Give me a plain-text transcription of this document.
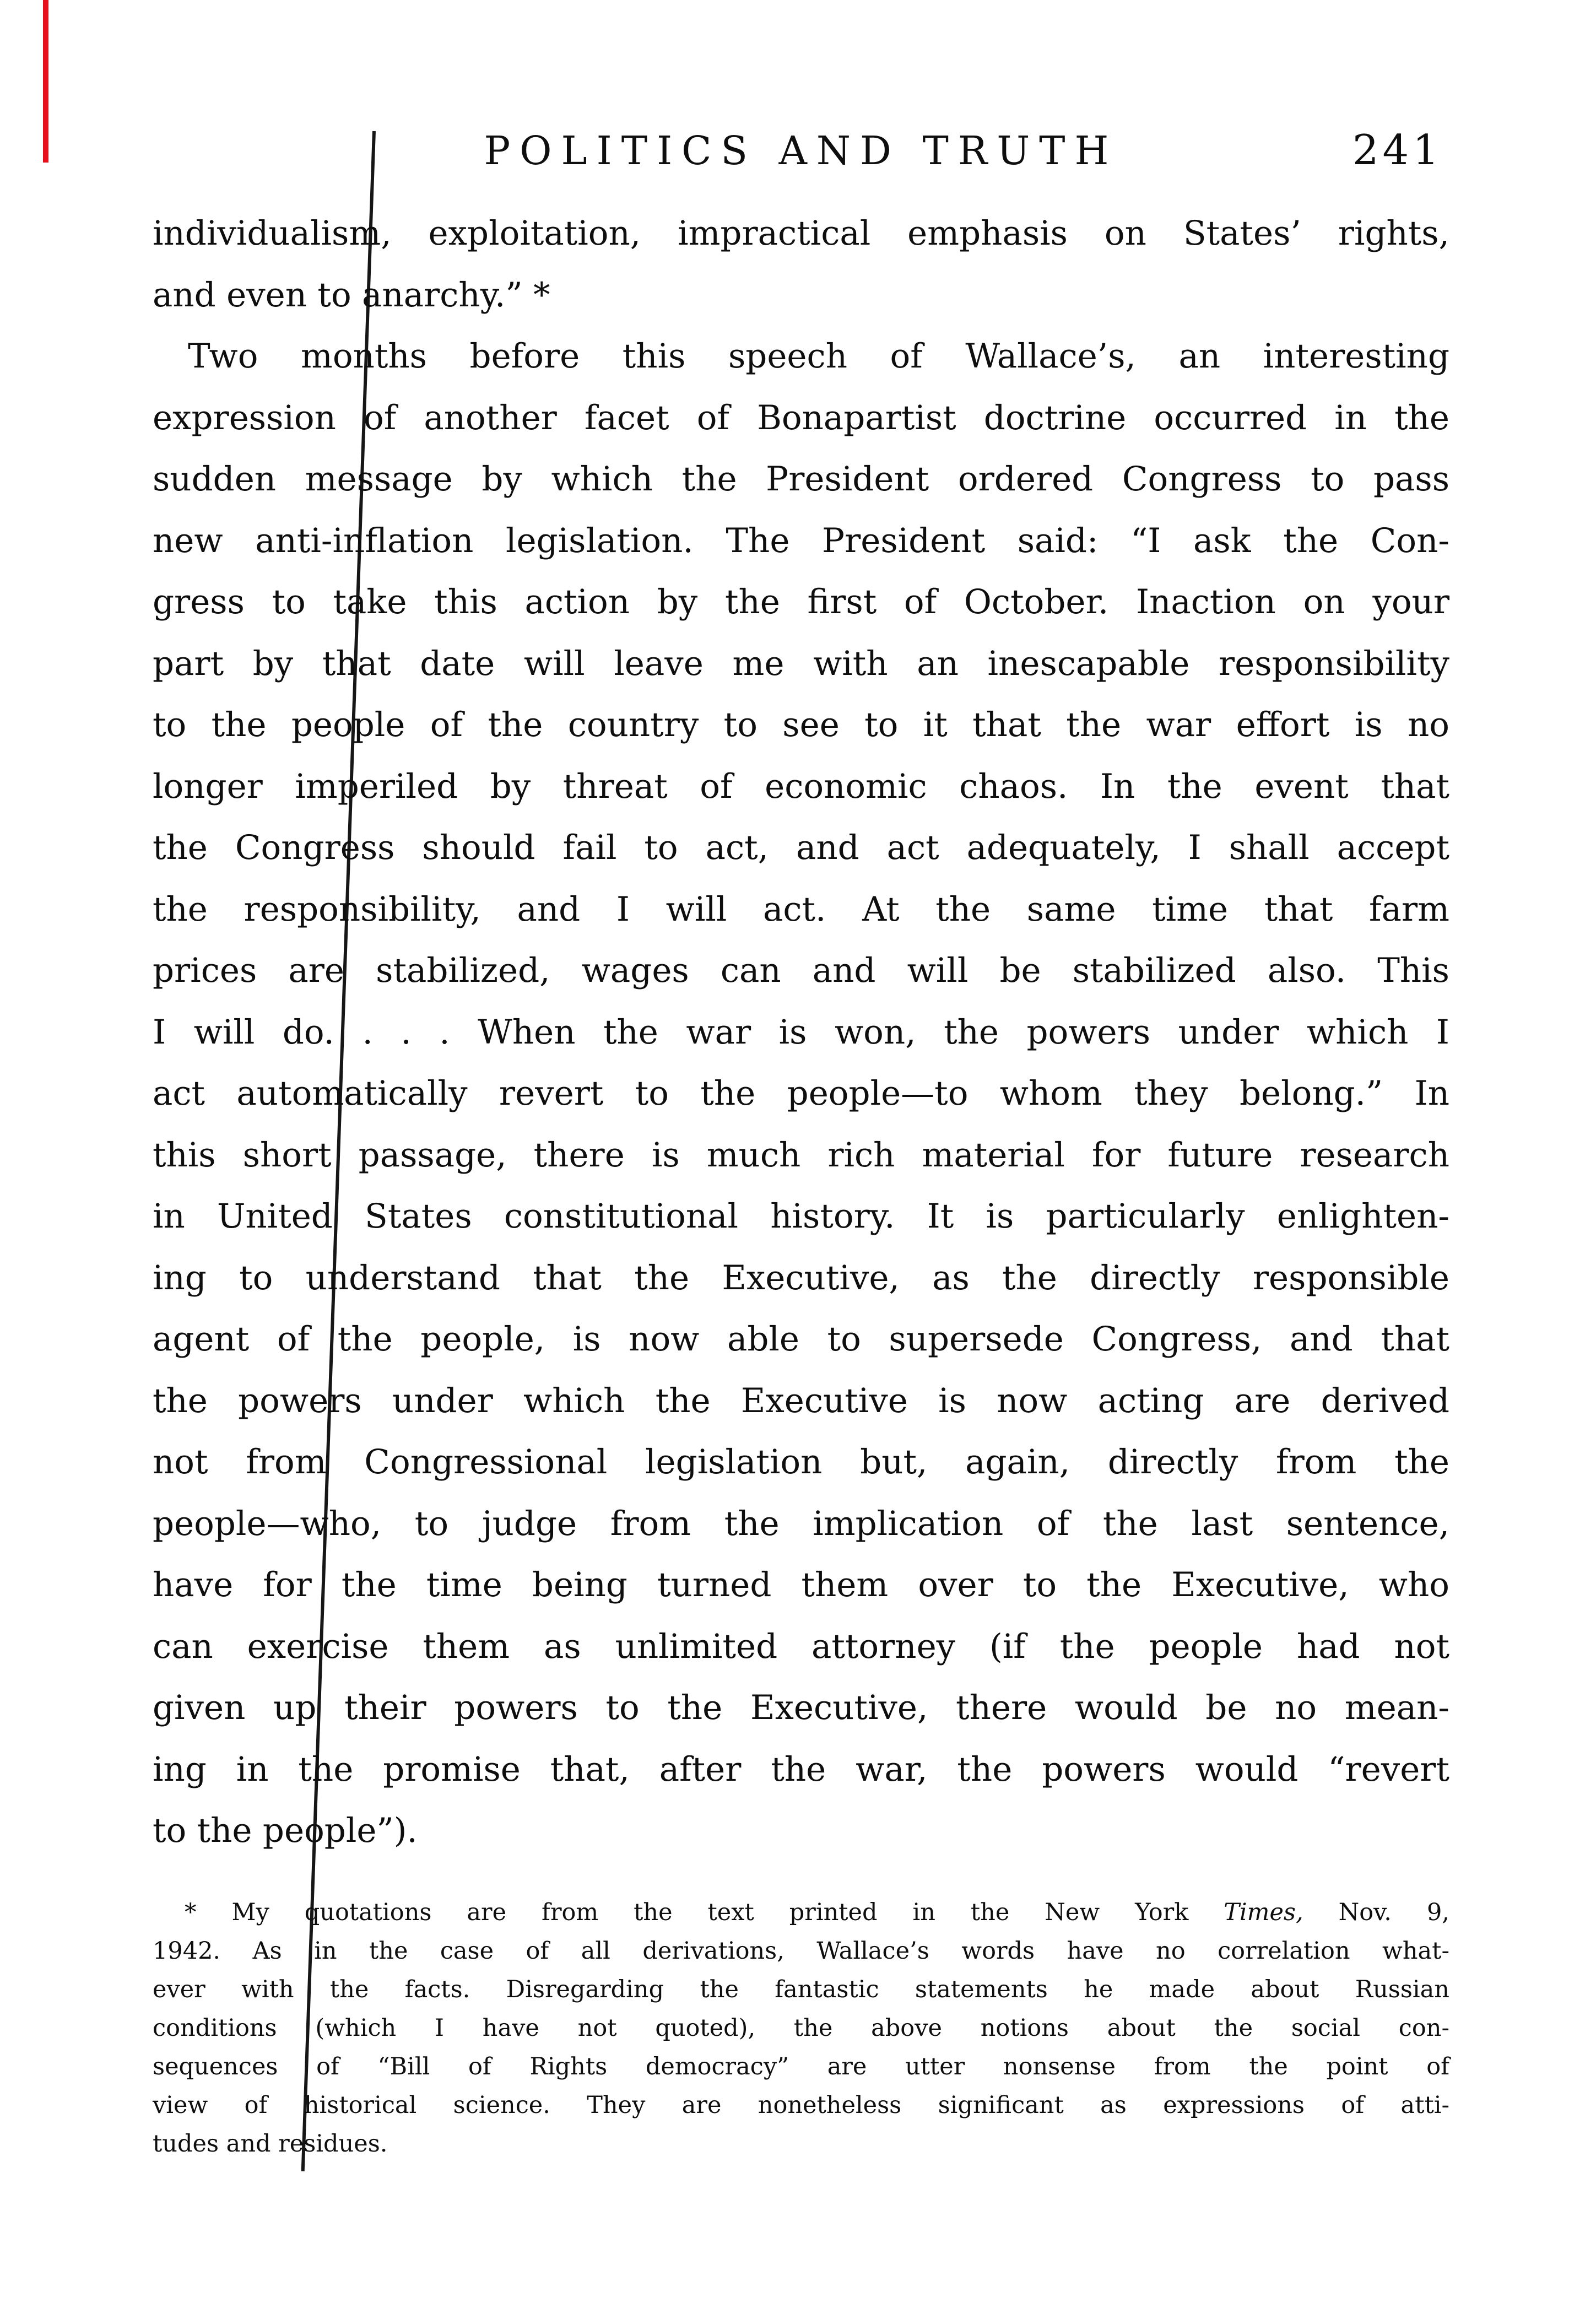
POLITICS AND TRUTH	241
individualism, exploitation, impractical emphasis on States’ rights,
and even to anarchy.” *
Two months before this speech of Wallace’s, an interesting
expression of another facet of Bonapartist doctrine occurred in the
sudden message by which the President ordered Congress to pass
new anti-inflation legislation. The President said: “I ask the Con-
gress to take this action by the first of October. Inaction on your
part by that date will leave me with an inescapable responsibility
to the people of the country to see to it that the war effort is no
longer imperiled by threat of economic chaos. In the event that
the Congress should fail to act, and act adequately, I shall accept
the responsibility, and I will act. At the same time that farm
prices are stabilized, wages can and will be stabilized also. This
I will do. . . . When the war is won, the powers under which I
act automatically revert to the people—to whom they belong.” In
this short passage, there is much rich material for future research
in United States constitutional history. It is particularly enlighten-
ing to understand that the Executive, as the directly responsible
agent of the people, is now able to supersede Congress, and that
the powers under which the Executive is now acting are derived
not from Congressional legislation but, again, directly from the
people—who, to judge from the implication of the last sentence,
have for the time being turned them over to the Executive, who
can exercise them as unlimited attorney (if the people had not
given up their powers to the Executive, there would be no mean-
ing in the promise that, after the war, the powers would “revert
to the people”).
* My quotations are from the text printed in the New York Times, Nov. 9,
1942. As in the case of all derivations, Wallace’s words have no correlation what-
ever with the facts. Disregarding the fantastic statements he made about Russian
conditions (which I have not quoted), the above notions about the social con-
sequences of “Bill of Rights democracy” are utter nonsense from the point of
view of historical science. They are nonetheless significant as expressions of atti-
tudes and residues.
